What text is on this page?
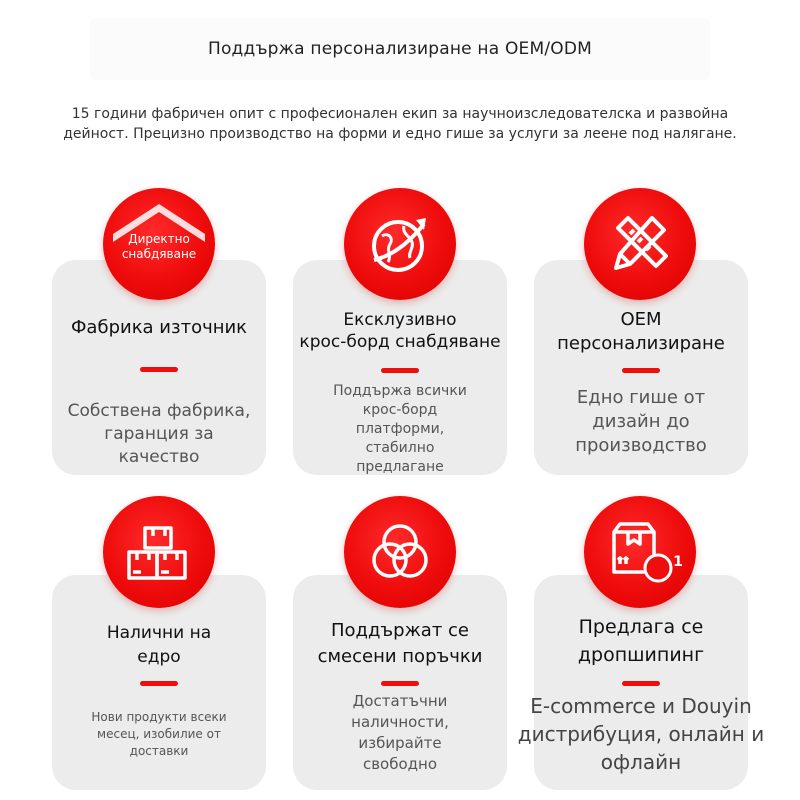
Поддържа персонализиране на OEM/ODM

15 години фабричен опит с професионален екип за научноизследователска и развойна дейност. Прецизно производство на форми и едно гише за услуги за леене под налягане.

Фабрика източник
Собствена фабрика, гаранция за качество
Директно
снабдяване
Ексклузивно
крос-борд снабдяване
Поддържа всички крос-борд платформи, стабилно предлагане
OEM
персонализиране
Едно гише от дизайн до производство
Налични на
едро
Нови продукти всеки месец, изобилие от доставки
Поддържат се
смесени поръчки
Достатъчни наличности, избирайте свободно
Предлага се
дропшипинг
E-commerce и Douyin дистрибуция, онлайн и офлайн
1
